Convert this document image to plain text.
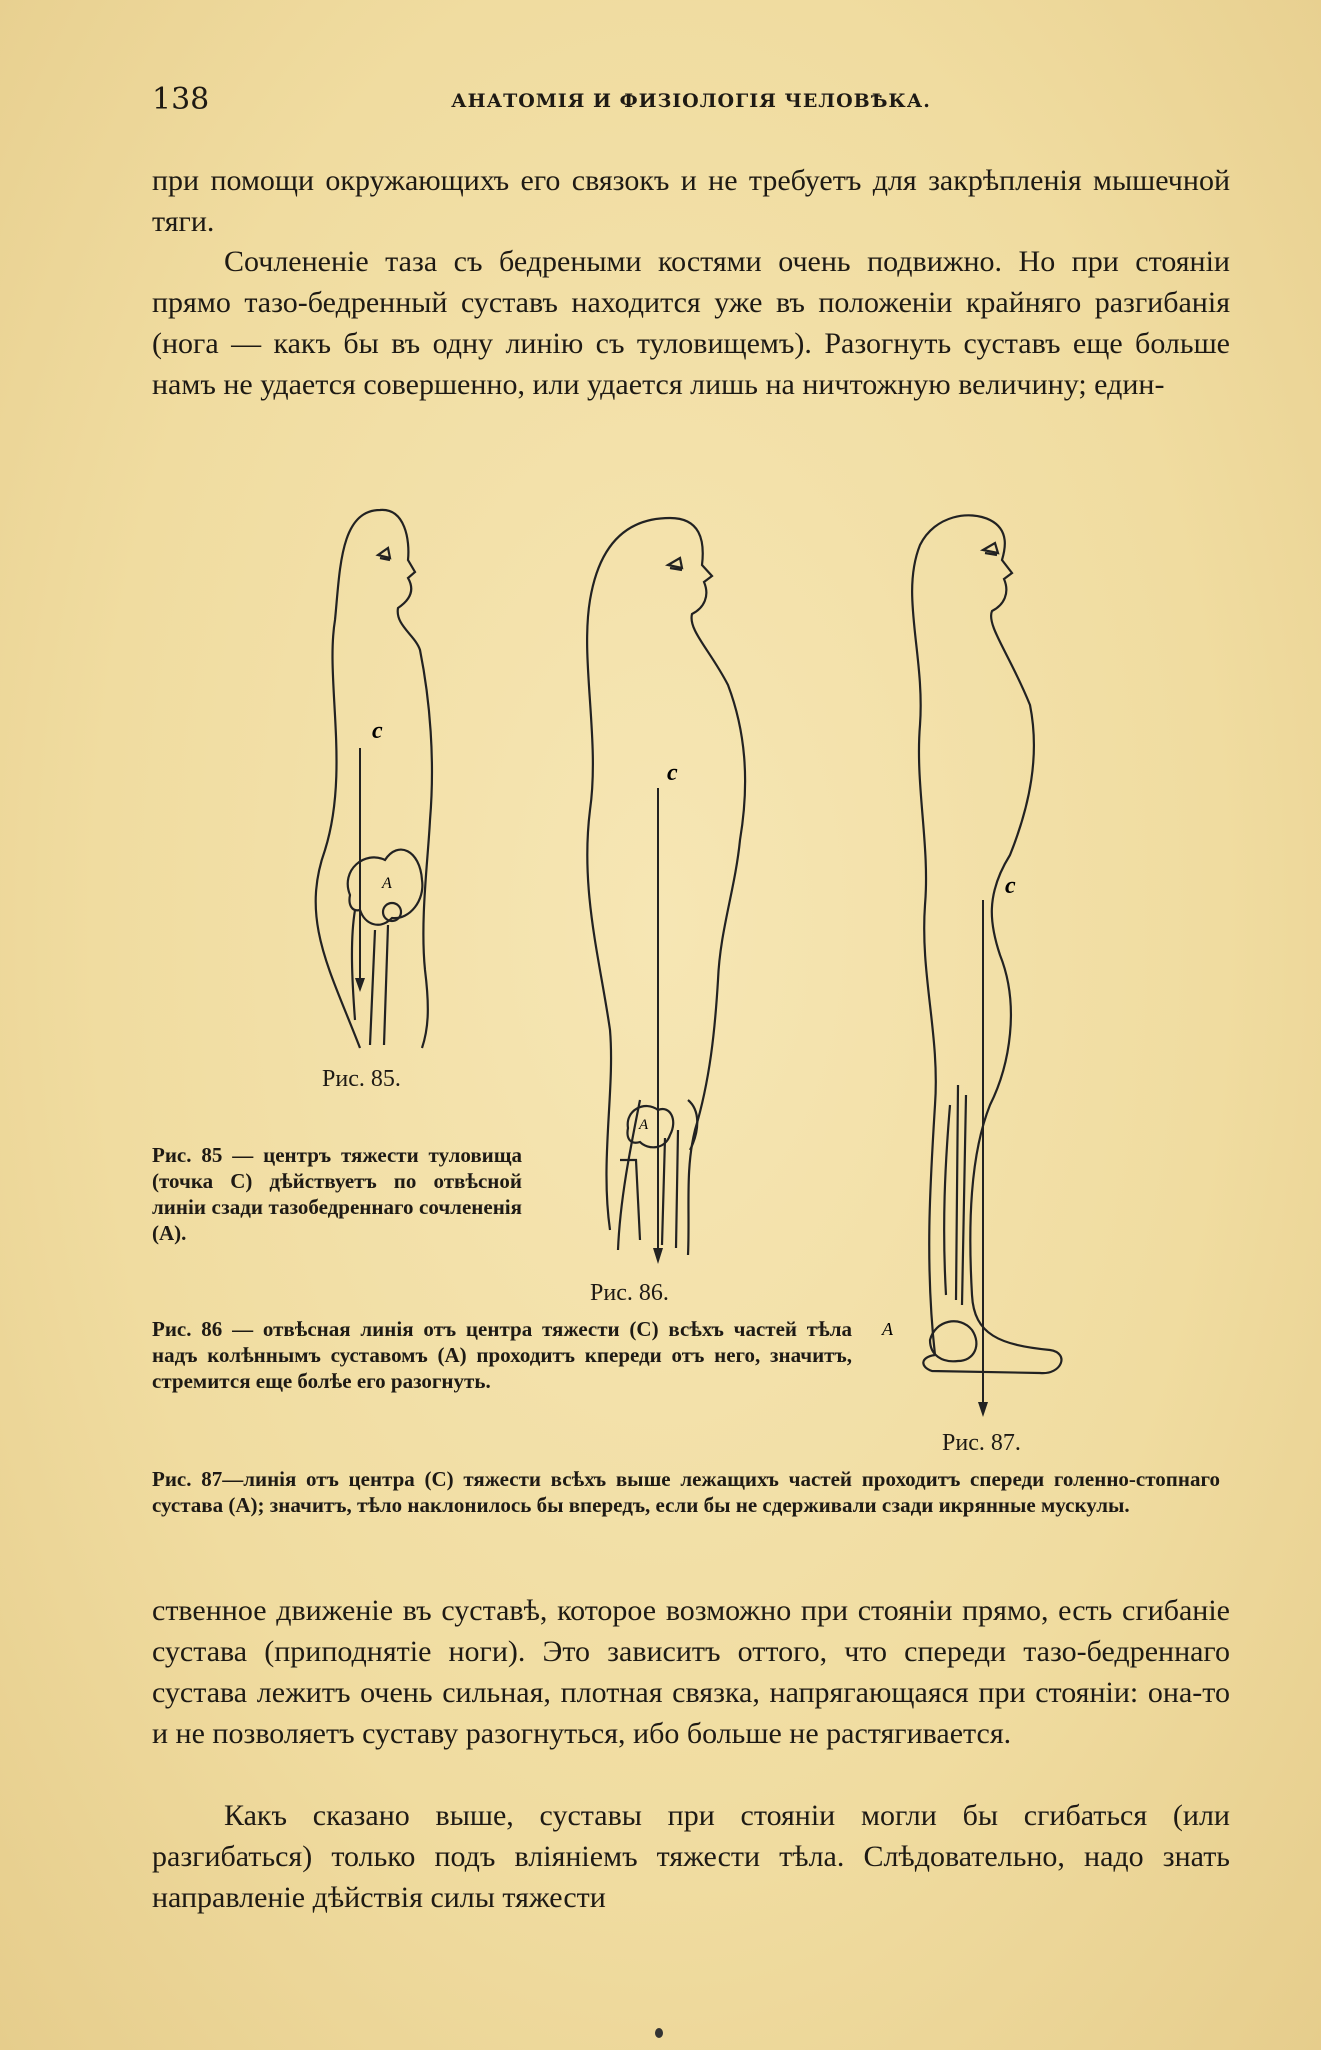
138	АНАТОМІЯ И ФИЗІОЛОГІЯ ЧЕЛОВѢКА.
при помощи окружающихъ его связокъ и не требуетъ для закрѣпленія мышечной тяги.
Сочлененіе таза съ бедреными костями очень подвижно. Но при стояніи прямо тазо-бедренный суставъ находится уже въ положеніи крайняго разгибанія (нога — какъ бы въ одну линію съ туловищемъ). Разогнуть суставъ еще больше намъ не удается совершенно, или удается лишь на ничтожную величину; един-
c
A
Рис. 85.
Рис. 85 — центръ тяжести туловища (точка С) дѣйствуетъ по отвѣсной линіи сзади тазобедреннаго сочлененія (А).
c
A
Рис. 86.
Рис. 86 — отвѣсная линія отъ центра тяжести (С) всѣхъ частей тѣла надъ колѣннымъ суставомъ (А) проходитъ кпереди отъ него, значитъ, стремится еще болѣе его разогнуть.
c
A
Рис. 87.
Рис. 87—линія отъ центра (С) тяжести всѣхъ выше лежащихъ частей проходитъ спереди голенно-стопнаго сустава (А); значитъ, тѣло наклонилось бы впередъ, если бы не сдерживали сзади икрянные мускулы.
ственное движеніе въ суставѣ, которое возможно при стояніи прямо, есть сгибаніе сустава (приподнятіе ноги). Это зависитъ оттого, что спереди тазо-бедреннаго сустава лежитъ очень сильная, плотная связка, напрягающаяся при стояніи: она-то и не позволяетъ суставу разогнуться, ибо больше не растягивается.
Какъ сказано выше, суставы при стояніи могли бы сгибаться (или разгибаться) только подъ вліяніемъ тяжести тѣла. Слѣдовательно, надо знать направленіе дѣйствія силы тяжести
